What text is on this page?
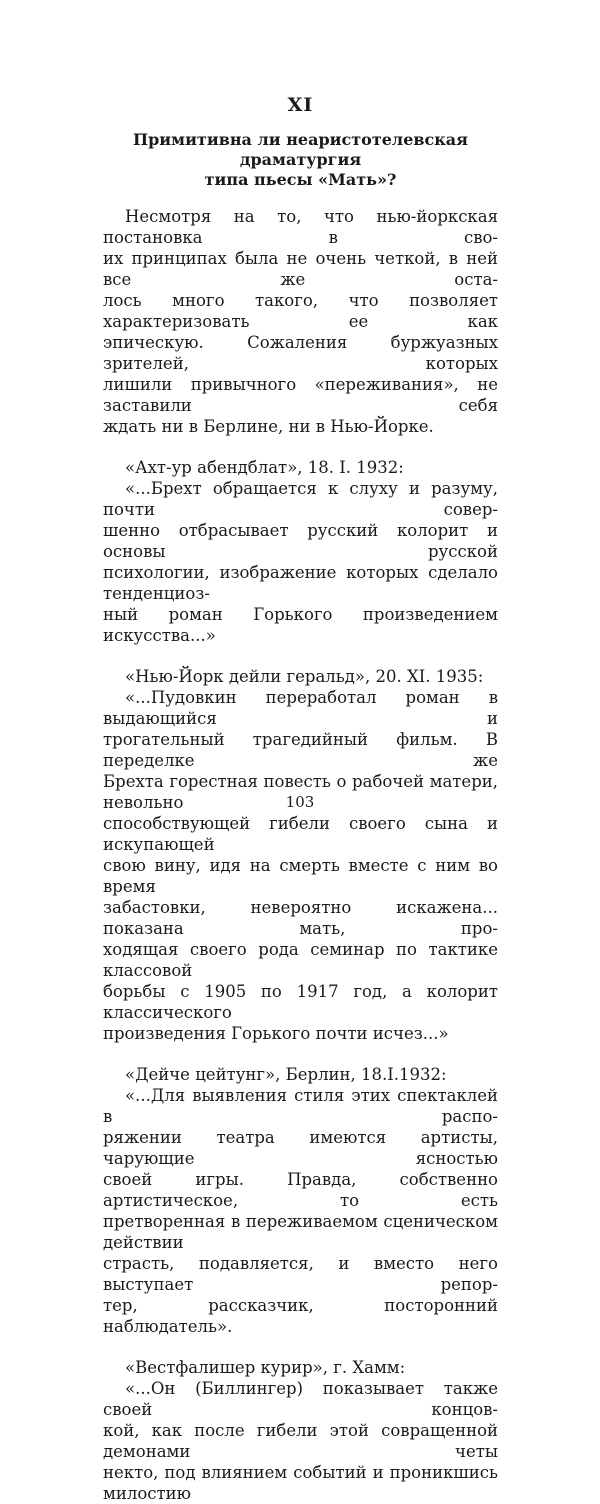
XI
Примитивна ли неаристотелевская драматургия
типа пьесы «Мать»?

Несмотря на то, что нью-йоркская постановка в сво-

их принципах была не очень четкой, в ней все же оста-

лось много такого, что позволяет характеризовать ее как

эпическую. Сожаления буржуазных зрителей, которых

лишили привычного «переживания», не заставили себя

ждать ни в Берлине, ни в Нью-Йорке.

«Ахт-ур абендблат», 18. I. 1932:

«...Брехт обращается к слуху и разуму, почти совер-

шенно отбрасывает русский колорит и основы русской

психологии, изображение которых сделало тенденциоз-

ный роман Горького произведением искусства...»

«Нью-Йорк дейли геральд», 20. XI. 1935:

«...Пудовкин переработал роман в выдающийся и

трогательный трагедийный фильм. В переделке же

Брехта горестная повесть о рабочей матери, невольно

способствующей гибели своего сына и искупающей

свою вину, идя на смерть вместе с ним во время

забастовки, невероятно искажена... показана мать, про-

ходящая своего рода семинар по тактике классовой

борьбы с 1905 по 1917 год, а колорит классического

произведения Горького почти исчез...»

«Дейче цейтунг», Берлин, 18.I.1932:

«...Для выявления стиля этих спектаклей в распо-

ряжении театра имеются артисты, чарующие ясностью

своей игры. Правда, собственно артистическое, то есть

претворенная в переживаемом сценическом действии

страсть, подавляется, и вместо него выступает репор-

тер, рассказчик, посторонний наблюдатель».

«Вестфалишер курир», г. Хамм:

«...Он (Биллингер) показывает также своей концов-

кой, как после гибели этой совращенной демонами четы

некто, под влиянием событий и проникшись милостию

103
